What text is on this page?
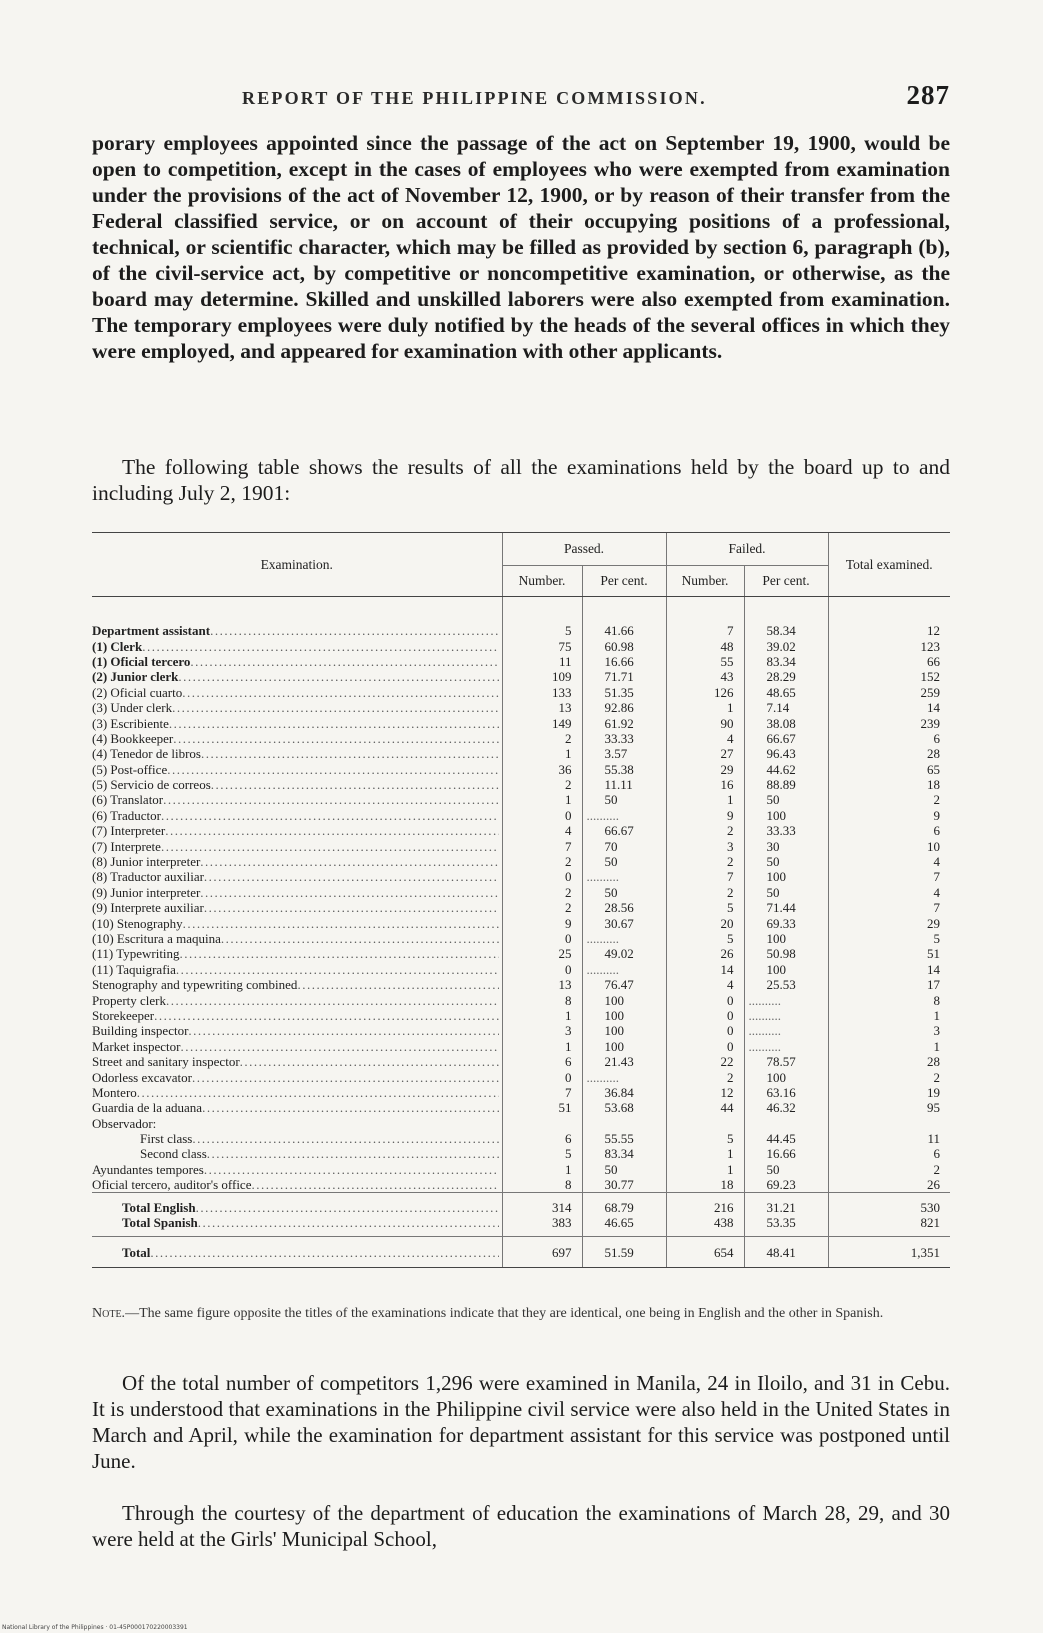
REPORT OF THE PHILIPPINE COMMISSION.	287

porary employees appointed since the passage of the act on September 19, 1900, would be open to competition, except in the cases of employees who were exempted from examination under the provisions of the act of November 12, 1900, or by reason of their transfer from the Federal classified service, or on account of their occupying positions of a professional, technical, or scientific character, which may be filled as provided by section 6, paragraph (b), of the civil-service act, by competitive or noncompetitive examination, or otherwise, as the board may determine. Skilled and unskilled laborers were also exempted from examination. The temporary employees were duly notified by the heads of the several offices in which they were employed, and appeared for examination with other applicants.

The following table shows the results of all the examinations held by the board up to and including July 2, 1901:

Examination.	Passed.		Failed.		Total examined.
	Number.	Per cent.	Number.	Per cent.	

Department assistant
.....	5	41.66	7	58.34	12

(1) Clerk
.....	75	60.98	48	39.02	123

(1) Oficial tercero
.....	11	16.66	55	83.34	66

(2) Junior clerk
.....	109	71.71	43	28.29	152

(2) Oficial cuarto
.....	133	51.35	126	48.65	259

(3) Under clerk
.....	13	92.86	1	7.14	14

(3) Escribiente
.....	149	61.92	90	38.08	239

(4) Bookkeeper
.....	2	33.33	4	66.67	6

(4) Tenedor de libros
.....	1	3.57	27	96.43	28

(5) Post-office
.....	36	55.38	29	44.62	65

(5) Servicio de correos
.....	2	11.11	16	88.89	18

(6) Translator
.....	1	50	1	50	2

(6) Traductor
.....	0	..........	9	100	9

(7) Interpreter
.....	4	66.67	2	33.33	6

(7) Interprete
.....	7	70	3	30	10

(8) Junior interpreter
.....	2	50	2	50	4

(8) Traductor auxiliar
.....	0	..........	7	100	7

(9) Junior interpreter
.....	2	50	2	50	4

(9) Interprete auxiliar
.....	2	28.56	5	71.44	7

(10) Stenography
.....	9	30.67	20	69.33	29

(10) Escritura a maquina
.....	0	..........	5	100	5

(11) Typewriting
.....	25	49.02	26	50.98	51

(11) Taquigrafia
.....	0	..........	14	100	14

Stenography and typewriting combined
.....	13	76.47	4	25.53	17

Property clerk
.....	8	100	0	..........	8

Storekeeper
.....	1	100	0	..........	1

Building inspector
.....	3	100	0	..........	3

Market inspector
.....	1	100	0	..........	1

Street and sanitary inspector
.....	6	21.43	22	78.57	28

Odorless excavator
.....	0	..........	2	100	2

Montero
.....	7	36.84	12	63.16	19

Guardia de la aduana
.....	51	53.68	44	46.32	95

Observador:					

First class
.....	6	55.55	5	44.45	11

Second class
.....	5	83.34	1	16.66	6

Ayundantes tempores
.....	1	50	1	50	2

Oficial tercero, auditor's office
.....	8	30.77	18	69.23	26

Total English
.....	314	68.79	216	31.21	530

Total Spanish
.....	383	46.65	438	53.35	821

Total
.....	697	51.59	654	48.41	1,351

Note.—The same figure opposite the titles of the examinations indicate that they are identical, one being in English and the other in Spanish.

Of the total number of competitors 1,296 were examined in Manila, 24 in Iloilo, and 31 in Cebu. It is understood that examinations in the Philippine civil service were also held in the United States in March and April, while the examination for department assistant for this service was postponed until June.

Through the courtesy of the department of education the examinations of March 28, 29, and 30 were held at the Girls' Municipal School,

National Library of the Philippines · 01-45P000170220003391
